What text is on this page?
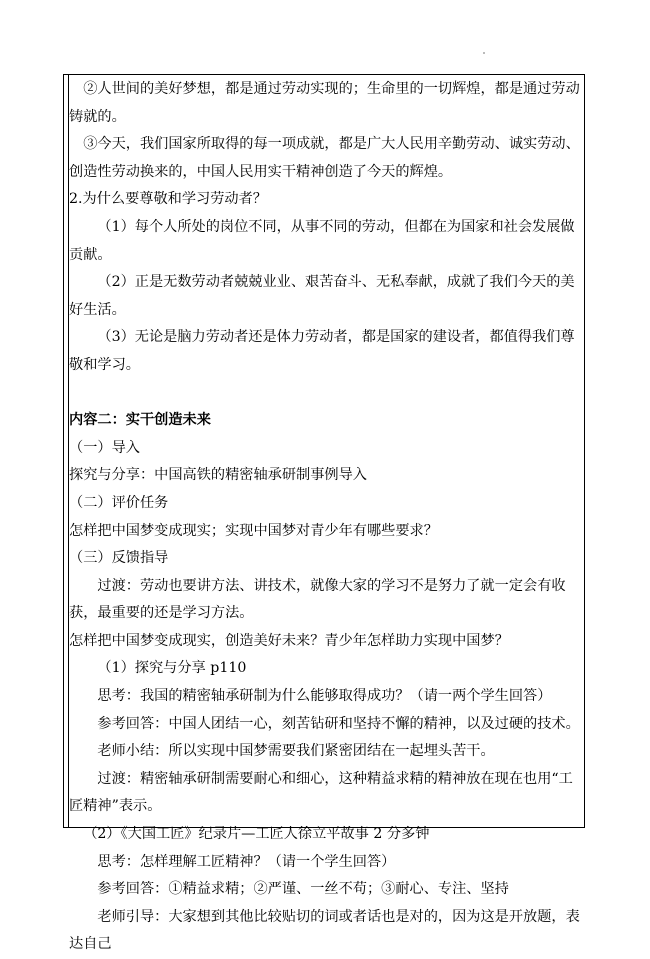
②人世间的美好梦想，都是通过劳动实现的；生命里的一切辉煌，都是通过劳动铸就的。

③今天，我们国家所取得的每一项成就，都是广大人民用辛勤劳动、诚实劳动、创造性劳动换来的，中国人民用实干精神创造了今天的辉煌。

2.为什么要尊敬和学习劳动者？

（1）每个人所处的岗位不同，从事不同的劳动，但都在为国家和社会发展做贡献。

（2）正是无数劳动者兢兢业业、艰苦奋斗、无私奉献，成就了我们今天的美好生活。

（3）无论是脑力劳动者还是体力劳动者，都是国家的建设者，都值得我们尊敬和学习。

内容二：实干创造未来

（一）导入

探究与分享：中国高铁的精密轴承研制事例导入

（二）评价任务

怎样把中国梦变成现实；实现中国梦对青少年有哪些要求？

（三）反馈指导

过渡：劳动也要讲方法、讲技术，就像大家的学习不是努力了就一定会有收获，最重要的还是学习方法。

怎样把中国梦变成现实，创造美好未来？青少年怎样助力实现中国梦？

（1）探究与分享 p110

思考：我国的精密轴承研制为什么能够取得成功？（请一两个学生回答）

参考回答：中国人团结一心，刻苦钻研和坚持不懈的精神，以及过硬的技术。

老师小结：所以实现中国梦需要我们紧密团结在一起埋头苦干。

过渡：精密轴承研制需要耐心和细心，这种精益求精的精神放在现在也用“工匠精神”表示。

（2）《大国工匠》纪录片—工匠人徐立平故事 2 分多钟

思考：怎样理解工匠精神？（请一个学生回答）

参考回答：①精益求精；②严谨、一丝不苟；③耐心、专注、坚持

老师引导：大家想到其他比较贴切的词或者话也是对的，因为这是开放题，表达自己
